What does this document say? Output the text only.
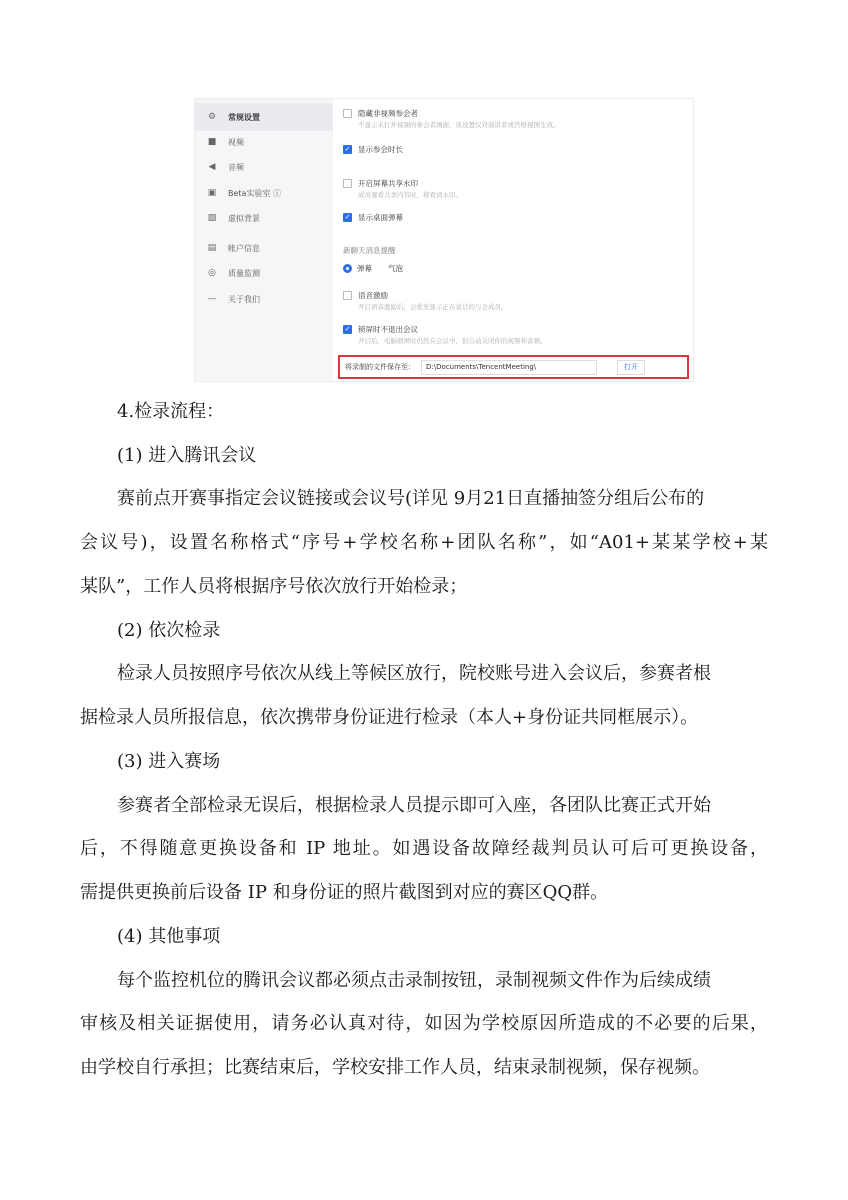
⚙	常规设置
■	视频
◀	音频
▣	Beta实验室 ⓘ
▨	虚拟背景
▤	帐户信息
◎	质量监测
—	关于我们
隐藏非视频参会者
不显示未打开视频的参会者画面，该设置仅对演讲者或宫格视图生效。
✓ 显示参会时长
开启屏幕共享水印
成员观看共享内容时，将看到水印。
✓ 显示桌面弹幕
新聊天消息提醒
弹幕 气泡
语音激励
开启语音激励后，会优先显示正在说话的与会成员。
✓ 锁屏时不退出会议
开启后，电脑锁屏时仍然在会议中，但自动关闭你的视频和音频。
将录制的文件保存至：	D:\Documents\TencentMeeting\	打开
4.检录流程：
(1) 进入腾讯会议
赛前点开赛事指定会议链接或会议号(详见 9月21日直播抽签分组后公布的
会议号)，设置名称格式“序号+学校名称+团队名称”，如“A01+某某学校+某
某队”，工作人员将根据序号依次放行开始检录；
(2) 依次检录
检录人员按照序号依次从线上等候区放行，院校账号进入会议后，参赛者根
据检录人员所报信息，依次携带身份证进行检录（本人+身份证共同框展示）。
(3) 进入赛场
参赛者全部检录无误后，根据检录人员提示即可入座，各团队比赛正式开始
后，不得随意更换设备和 IP 地址。如遇设备故障经裁判员认可后可更换设备，
需提供更换前后设备 IP 和身份证的照片截图到对应的赛区QQ群。
(4) 其他事项
每个监控机位的腾讯会议都必须点击录制按钮，录制视频文件作为后续成绩
审核及相关证据使用，请务必认真对待，如因为学校原因所造成的不必要的后果，
由学校自行承担；比赛结束后，学校安排工作人员，结束录制视频，保存视频。
